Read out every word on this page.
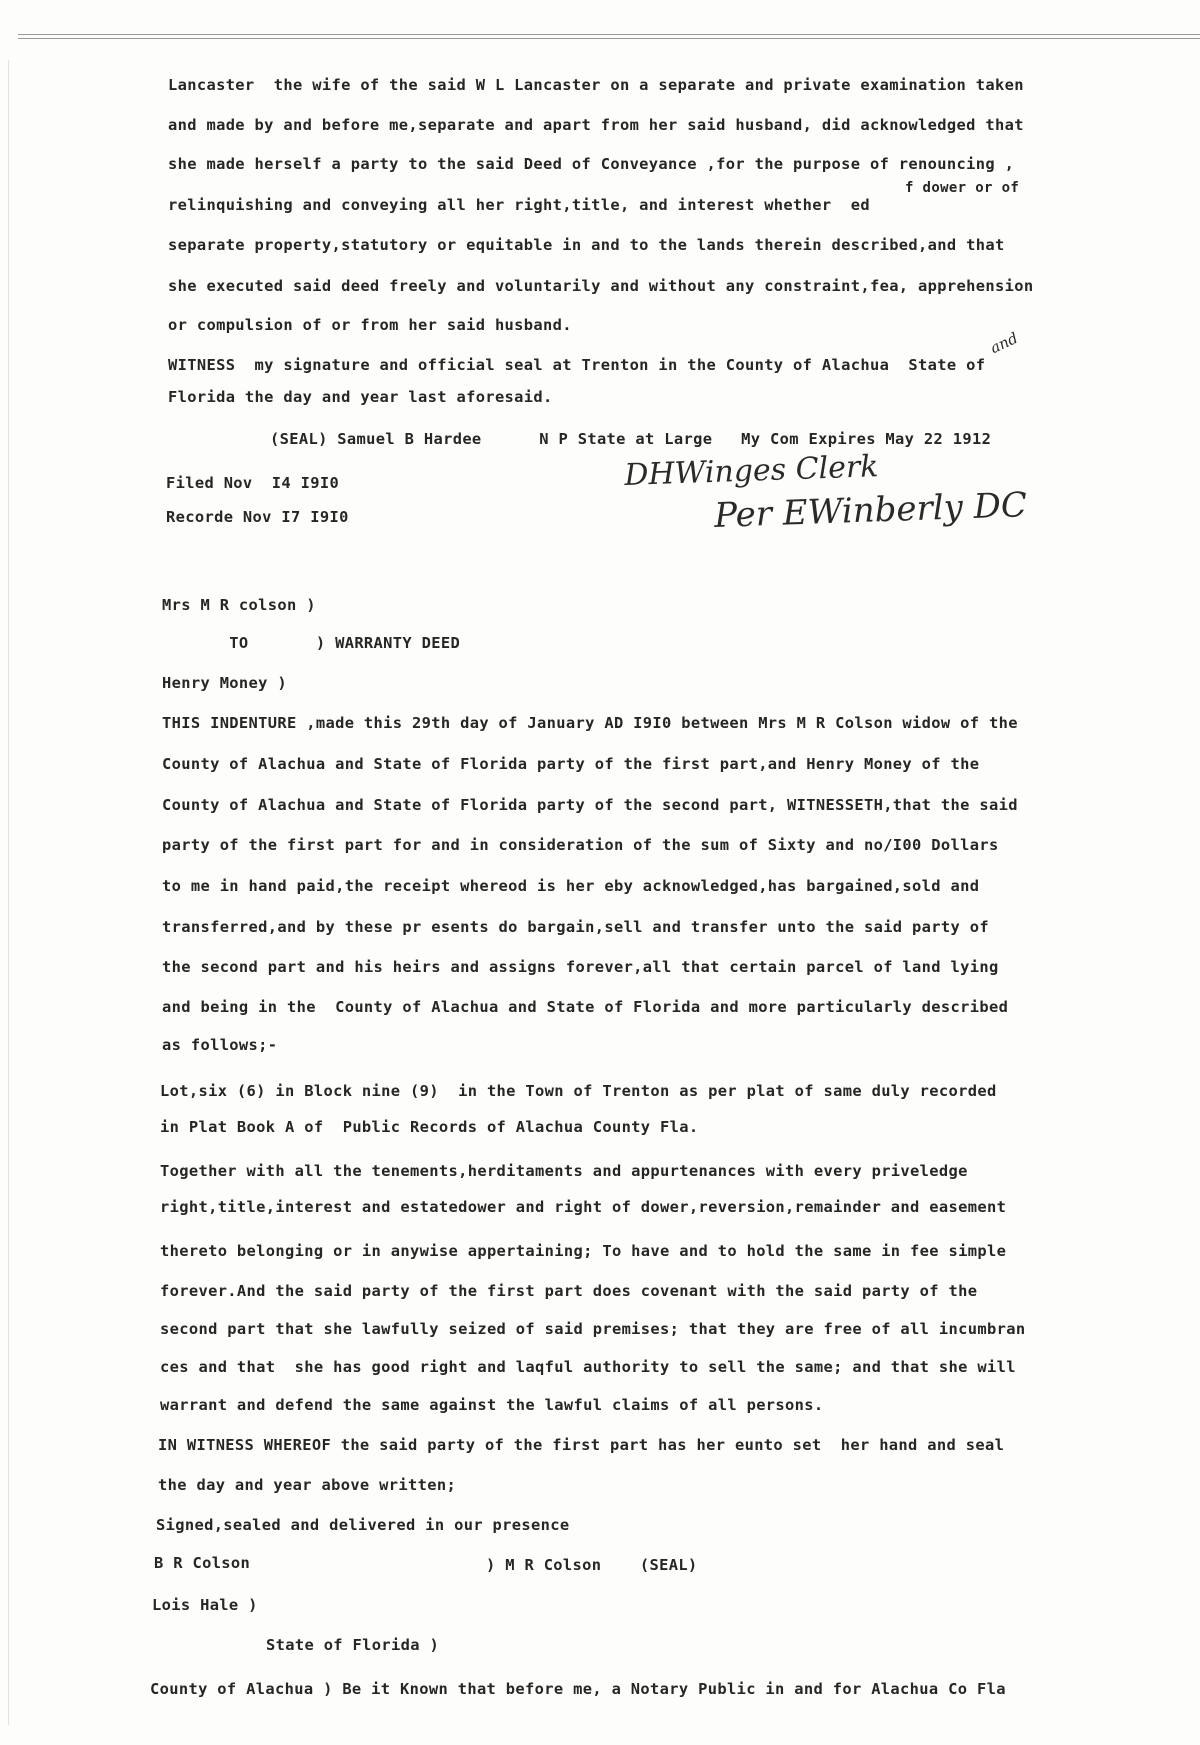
Lancaster  the wife of the said W L Lancaster on a separate and private examination taken
and made by and before me,separate and apart from her said husband, did acknowledged that
she made herself a party to the said Deed of Conveyance ,for the purpose of renouncing ,
f dower or of
relinquishing and conveying all her right,title, and interest whether  ed
separate property,statutory or equitable in and to the lands therein described,and that
she executed said deed freely and voluntarily and without any constraint,fea, apprehension
or compulsion of or from her said husband.
and
WITNESS  my signature and official seal at Trenton in the County of Alachua  State of
Florida the day and year last aforesaid.
(SEAL) Samuel B Hardee      N P State at Large   My Com Expires May 22 1912
Filed Nov  I4 I9I0
Recorde Nov I7 I9I0
DHWinges Clerk
Per EWinberly DC
Mrs M R colson )
TO       ) WARRANTY DEED
Henry Money )
THIS INDENTURE ,made this 29th day of January AD I9I0 between Mrs M R Colson widow of the
County of Alachua and State of Florida party of the first part,and Henry Money of the
County of Alachua and State of Florida party of the second part, WITNESSETH,that the said
party of the first part for and in consideration of the sum of Sixty and no/I00 Dollars
to me in hand paid,the receipt whereod is her eby acknowledged,has bargained,sold and
transferred,and by these pr esents do bargain,sell and transfer unto the said party of
the second part and his heirs and assigns forever,all that certain parcel of land lying
and being in the  County of Alachua and State of Florida and more particularly described
as follows;-
Lot,six (6) in Block nine (9)  in the Town of Trenton as per plat of same duly recorded
in Plat Book A of  Public Records of Alachua County Fla.
Together with all the tenements,herditaments and appurtenances with every priveledge
right,title,interest and estatedower and right of dower,reversion,remainder and easement
thereto belonging or in anywise appertaining; To have and to hold the same in fee simple
forever.And the said party of the first part does covenant with the said party of the
second part that she lawfully seized of said premises; that they are free of all incumbran
ces and that  she has good right and laqful authority to sell the same; and that she will
warrant and defend the same against the lawful claims of all persons.
IN WITNESS WHEREOF the said party of the first part has her eunto set  her hand and seal
the day and year above written;
Signed,sealed and delivered in our presence
B R Colson	) M R Colson    (SEAL)
Lois Hale )
State of Florida )
County of Alachua ) Be it Known that before me, a Notary Public in and for Alachua Co Fla
